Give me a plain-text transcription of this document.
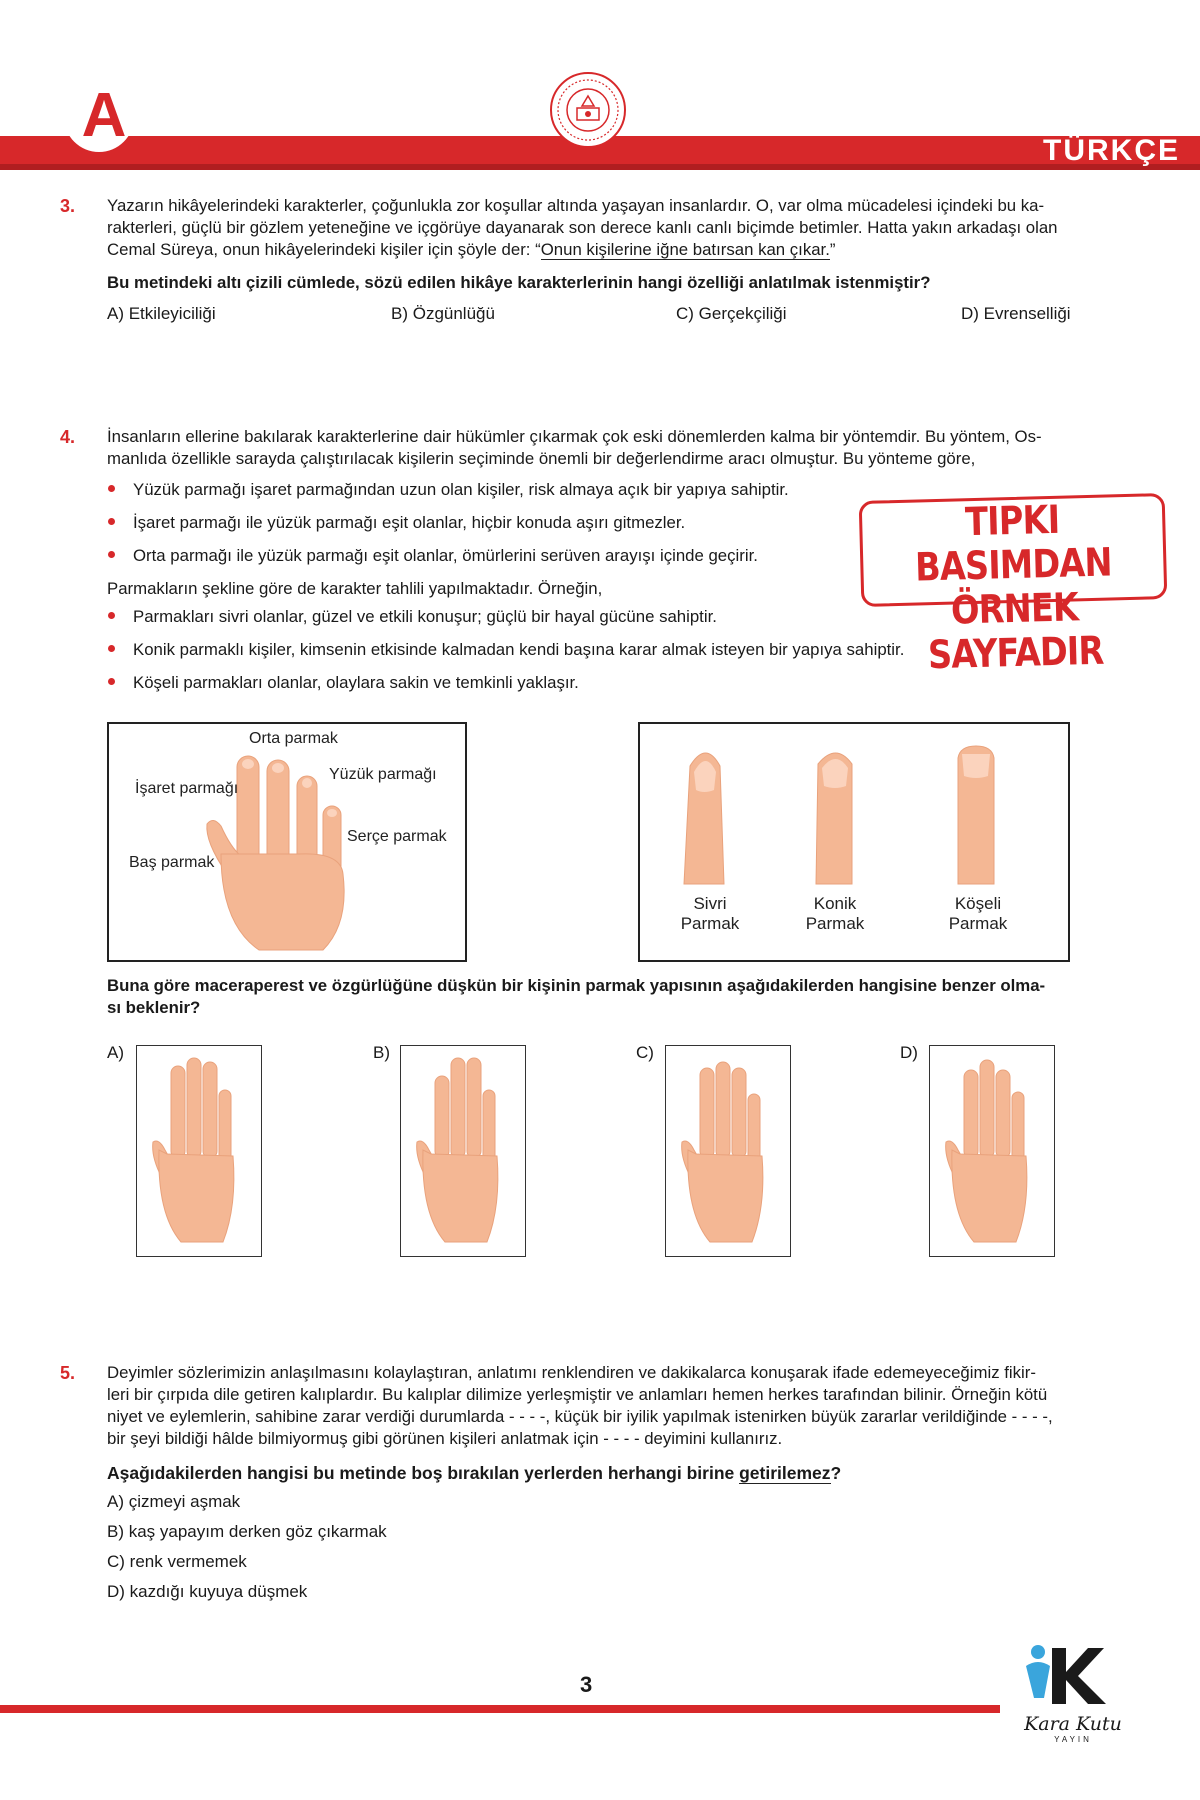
A
TÜRKÇE
3. Yazarın hikâyelerindeki karakterler, çoğunlukla zor koşullar altında yaşayan insanlardır. O, var olma mücadelesi içindeki bu ka-
rakterleri, güçlü bir gözlem yeteneğine ve içgörüye dayanarak son derece kanlı canlı biçimde betimler. Hatta yakın arkadaşı olan
Cemal Süreya, onun hikâyelerindeki kişiler için şöyle der: “Onun kişilerine iğne batırsan kan çıkar.”
Bu metindeki altı çizili cümlede, sözü edilen hikâye karakterlerinin hangi özelliği anlatılmak istenmiştir?
A) Etkileyiciliği	B) Özgünlüğü	C) Gerçekçiliği	D) Evrenselliği
4. İnsanların ellerine bakılarak karakterlerine dair hükümler çıkarmak çok eski dönemlerden kalma bir yöntemdir. Bu yöntem, Os-
manlıda özellikle sarayda çalıştırılacak kişilerin seçiminde önemli bir değerlendirme aracı olmuştur. Bu yönteme göre,
Yüzük parmağı işaret parmağından uzun olan kişiler, risk almaya açık bir yapıya sahiptir.
İşaret parmağı ile yüzük parmağı eşit olanlar, hiçbir konuda aşırı gitmezler.
Orta parmağı ile yüzük parmağı eşit olanlar, ömürlerini serüven arayışı içinde geçirir.
Parmakların şekline göre de karakter tahlili yapılmaktadır. Örneğin,
Parmakları sivri olanlar, güzel ve etkili konuşur; güçlü bir hayal gücüne sahiptir.
Konik parmaklı kişiler, kimsenin etkisinde kalmadan kendi başına karar almak isteyen bir yapıya sahiptir.
Köşeli parmakları olanlar, olaylara sakin ve temkinli yaklaşır.
TIPKI BASIMDAN
ÖRNEK SAYFADIR
Orta parmak
İşaret parmağı
Yüzük parmağı
Serçe parmak
Baş parmak
Sivri
Parmak
Konik
Parmak
Köşeli
Parmak
Buna göre maceraperest ve özgürlüğüne düşkün bir kişinin parmak yapısının aşağıdakilerden hangisine benzer olma-
sı beklenir?
A)	B)	C)	D)
5. Deyimler sözlerimizin anlaşılmasını kolaylaştıran, anlatımı renklendiren ve dakikalarca konuşarak ifade edemeyeceğimiz fikir-
leri bir çırpıda dile getiren kalıplardır. Bu kalıplar dilimize yerleşmiştir ve anlamları hemen herkes tarafından bilinir. Örneğin kötü
niyet ve eylemlerin, sahibine zarar verdiği durumlarda - - - -, küçük bir iyilik yapılmak istenirken büyük zararlar verildiğinde - - - -,
bir şeyi bildiği hâlde bilmiyormuş gibi görünen kişileri anlatmak için - - - - deyimini kullanırız.
Aşağıdakilerden hangisi bu metinde boş bırakılan yerlerden herhangi birine getirilemez?
A) çizmeyi aşmak
B) kaş yapayım derken göz çıkarmak
C) renk vermemek
D) kazdığı kuyuya düşmek
3
Kara Kutu
YAYIN
